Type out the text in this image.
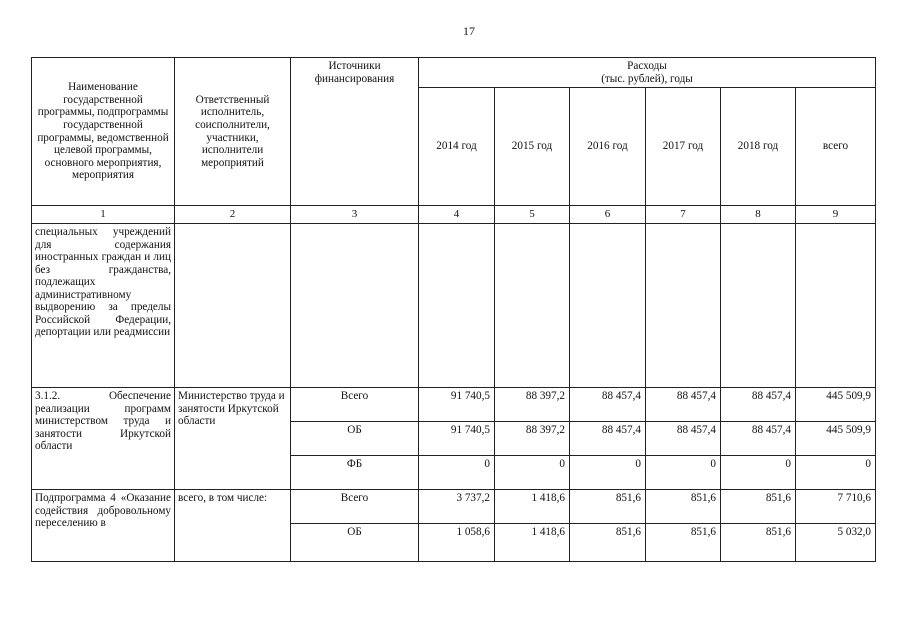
17
Наименование государственной программы, подпрограммы государственной программы, ведомственной целевой программы, основного мероприятия, мероприятия	Ответственный исполнитель, соисполнители, участники, исполнители мероприятий	Источники финансирования	Расходы
(тыс. рублей), годы					
			2014 год	2015 год	2016 год	2017 год	2018 год	всего
1	2	3	4	5	6	7	8	9
специальных учреждений для содержания иностранных граждан и лиц без гражданства, подлежащих административному выдворению за пределы Российской Федерации, депортации или реадмиссии								
3.1.2. Обеспечение реализации программ министерством труда и занятости Иркутской области	Министерство труда и занятости Иркутской области	Всего	91 740,5	88 397,2	88 457,4	88 457,4	88 457,4	445 509,9
		ОБ	91 740,5	88 397,2	88 457,4	88 457,4	88 457,4	445 509,9
		ФБ	0	0	0	0	0	0
Подпрограмма 4 «Оказание содействия добровольному переселению в	всего, в том числе:	Всего	3 737,2	1 418,6	851,6	851,6	851,6	7 710,6
		ОБ	1 058,6	1 418,6	851,6	851,6	851,6	5 032,0
